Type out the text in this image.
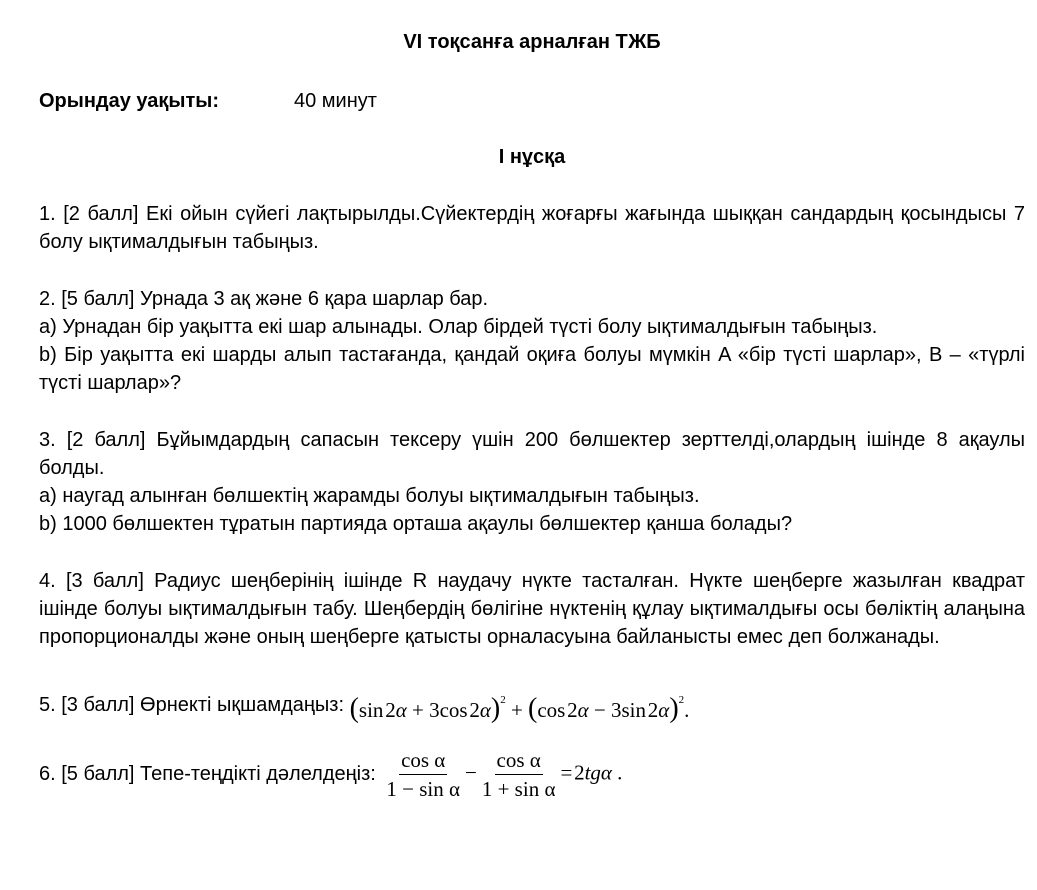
VI тоқсанға арналған ТЖБ
Орындау уақыты:	40 минут
I нұсқа

1. [2 балл] Екі ойын сүйегі лақтырылды.Сүйектердің жоғарғы жағында шыққан сандардың қосындысы 7 болу ықтималдығын табыңыз.

2. [5 балл] Урнада 3 ақ және 6 қара шарлар бар.

a) Урнадан бір уақытта екі шар алынады. Олар бірдей түсті болу ықтималдығын табыңыз.

b) Бір уақытта екі шарды алып тастағанда, қандай оқиға болуы мүмкін A «бір түсті шарлар», B – «түрлі түсті шарлар»?

3. [2 балл] Бұйымдардың сапасын тексеру үшін 200 бөлшектер зерттелді,олардың ішінде 8 ақаулы болды.

a) наугад алынған бөлшектің жарамды болуы ықтималдығын табыңыз.

b) 1000 бөлшектен тұратын партияда орташа ақаулы бөлшектер қанша болады?

4. [3 балл] Радиус шеңберінің ішінде R наудачу нүкте тасталған. Нүкте шеңберге жазылған квадрат ішінде болуы ықтималдығын табу. Шеңбердің бөлігіне нүктенің құлау ықтималдығы осы бөліктің алаңына пропорционалды және оның шеңберге қатысты орналасуына байланысты емес деп болжанады.

5. [3 балл] Өрнекті ықшамдаңыз:
(sin 2α + 3cos 2α)$^2$ + (cos 2α − 3sin 2α)$^2$.
6. [5 балл] Тепе-теңдікті дәлелдеңіз:
$\frac{\text{cos α}}{\text{1 − sin α}} - \frac{\text{cos α}}{\text{1 + sin α}}$ = 2tgα .
